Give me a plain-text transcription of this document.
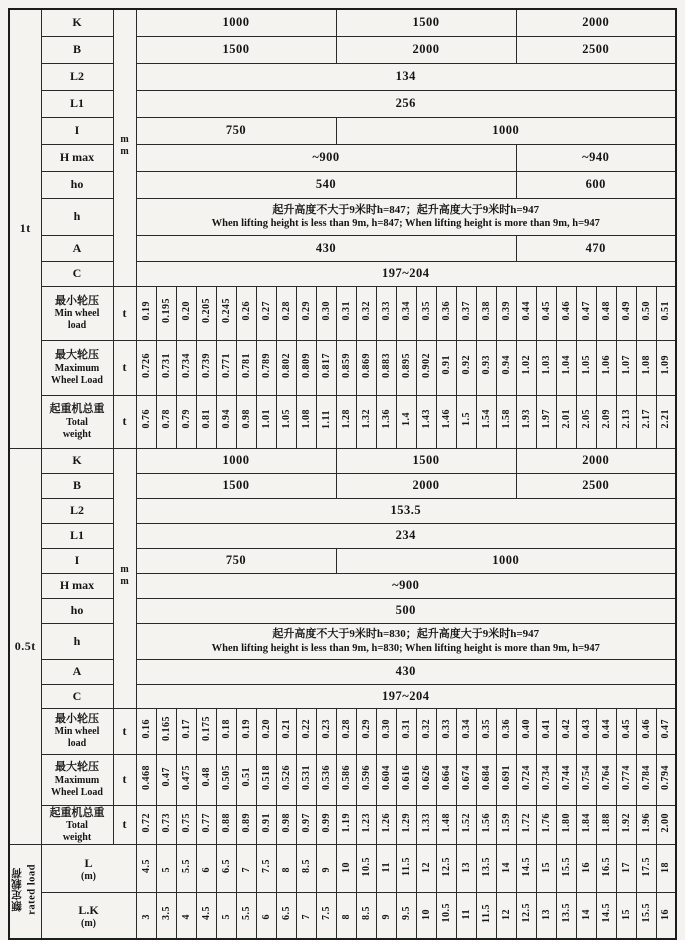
1t	K	mm	1000										1500									2000							
	B		1500										2000									2500							
	L2		134																										
	L1		256																										
	I		750										1000																
	H max		~900																			~940							
	ho		540																			600							
	h		起升高度不大于9米时h=847；起升高度大于9米时h=947
When lifting height is less than 9m, h=847; When lifting height is more than 9m, h=947																										

	A		430																			470							
	C		197~204																										

	最小轮压
Min wheel
load	t	0.19	0.195	0.20	0.205	0.245	0.26	0.27	0.28	0.29	0.30	0.31	0.32	0.33	0.34	0.35	0.36	0.37	0.38	0.39	0.44	0.45	0.46	0.47	0.48	0.49	0.50	0.51

	最大轮压
Maximum
Wheel Load	t	0.726	0.731	0.734	0.739	0.771	0.781	0.789	0.802	0.809	0.817	0.859	0.869	0.883	0.895	0.902	0.91	0.92	0.93	0.94	1.02	1.03	1.04	1.05	1.06	1.07	1.08	1.09

	起重机总重
Total
weight	t	0.76	0.78	0.79	0.81	0.94	0.98	1.01	1.05	1.08	1.11	1.28	1.32	1.36	1.4	1.43	1.46	1.5	1.54	1.58	1.93	1.97	2.01	2.05	2.09	2.13	2.17	2.21
0.5t	K	mm	1000										1500									2000							
	B		1500										2000									2500							
	L2		153.5																										
	L1		234																										
	I		750										1000																
	H max		~900																										
	ho		500																										
	h		起升高度不大于9米时h=830；起升高度大于9米时h=947
When lifting height is less than 9m, h=830; When lifting height is more than 9m, h=947																										

	A		430																										
	C		197~204																										

	最小轮压
Min wheel
load	t	0.16	0.165	0.17	0.175	0.18	0.19	0.20	0.21	0.22	0.23	0.28	0.29	0.30	0.31	0.32	0.33	0.34	0.35	0.36	0.40	0.41	0.42	0.43	0.44	0.45	0.46	0.47

	最大轮压
Maximum
Wheel Load	t	0.468	0.47	0.475	0.48	0.505	0.51	0.518	0.526	0.531	0.536	0.586	0.596	0.604	0.616	0.626	0.664	0.674	0.684	0.691	0.724	0.734	0.744	0.754	0.764	0.774	0.784	0.794

	起重机总重
Total
weight	t	0.72	0.73	0.75	0.77	0.88	0.89	0.91	0.98	0.97	0.99	1.19	1.23	1.26	1.29	1.33	1.48	1.52	1.56	1.59	1.72	1.76	1.80	1.84	1.88	1.92	1.96	2.00

额定载荷 rated load

L
(m)
	4.5	5	5.5	6	6.5	7	7.5	8	8.5	9	10	10.5	11	11.5	12	12.5	13	13.5	14	14.5	15	15.5	16	16.5	17	17.5	18

	L.K
(m)		3	3.5	4	4.5	5	5.5	6	6.5	7	7.5	8	8.5	9	9.5	10	10.5	11	11.5	12	12.5	13	13.5	14	14.5	15	15.5	16
